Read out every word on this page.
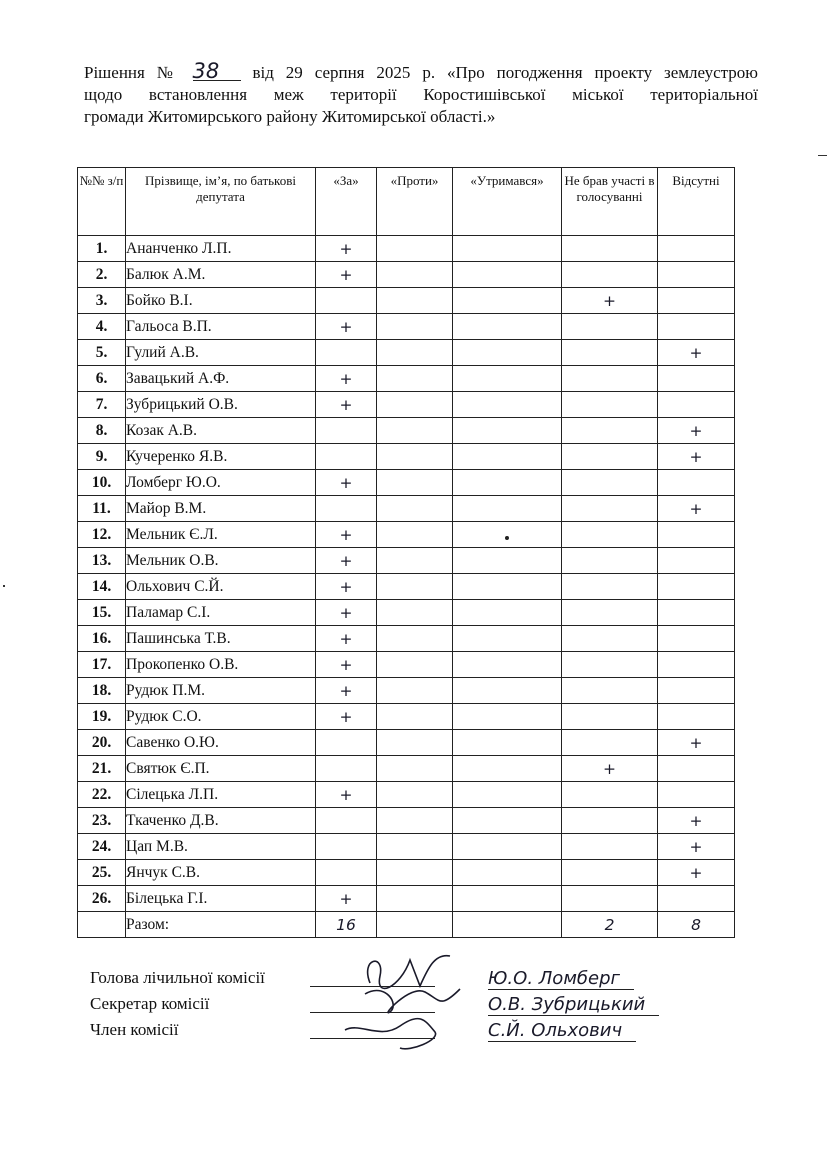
Рішення № 38 від 29 серпня 2025 р. «Про погодження проекту землеустрою
щодо встановлення меж території Коростишівської міської територіальної
громади Житомирського району Житомирської області.»
№№ з/п	Прізвище, ім’я, по батькові депутата	«За»	«Проти»	«Утримався»	Не брав участі в голосуванні	Відсутні
1.	Ананченко Л.П.	+				
2.	Балюк А.М.	+				
3.	Бойко В.І.				+	
4.	Гальоса В.П.	+				
5.	Гулий А.В.					+
6.	Завацький А.Ф.	+				
7.	Зубрицький О.В.	+				
8.	Козак А.В.					+
9.	Кучеренко Я.В.					+
10.	Ломберг Ю.О.	+				
11.	Майор В.М.					+
12.	Мельник Є.Л.	+				
13.	Мельник О.В.	+				
14.	Ольхович С.Й.	+				
15.	Паламар С.І.	+				
16.	Пашинська Т.В.	+				
17.	Прокопенко О.В.	+				
18.	Рудюк П.М.	+				
19.	Рудюк С.О.	+				
20.	Савенко О.Ю.					+
21.	Святюк Є.П.				+	
22.	Сілецька Л.П.	+				
23.	Ткаченко Д.В.					+
24.	Цап М.В.					+
25.	Янчук С.В.					+
26.	Білецька Г.І.	+				
	Разом:	16			2	8
Голова лічильної комісії	Ю.О. Ломберг
Секретар комісії	О.В. Зубрицький
Член комісії	С.Й. Ольхович
